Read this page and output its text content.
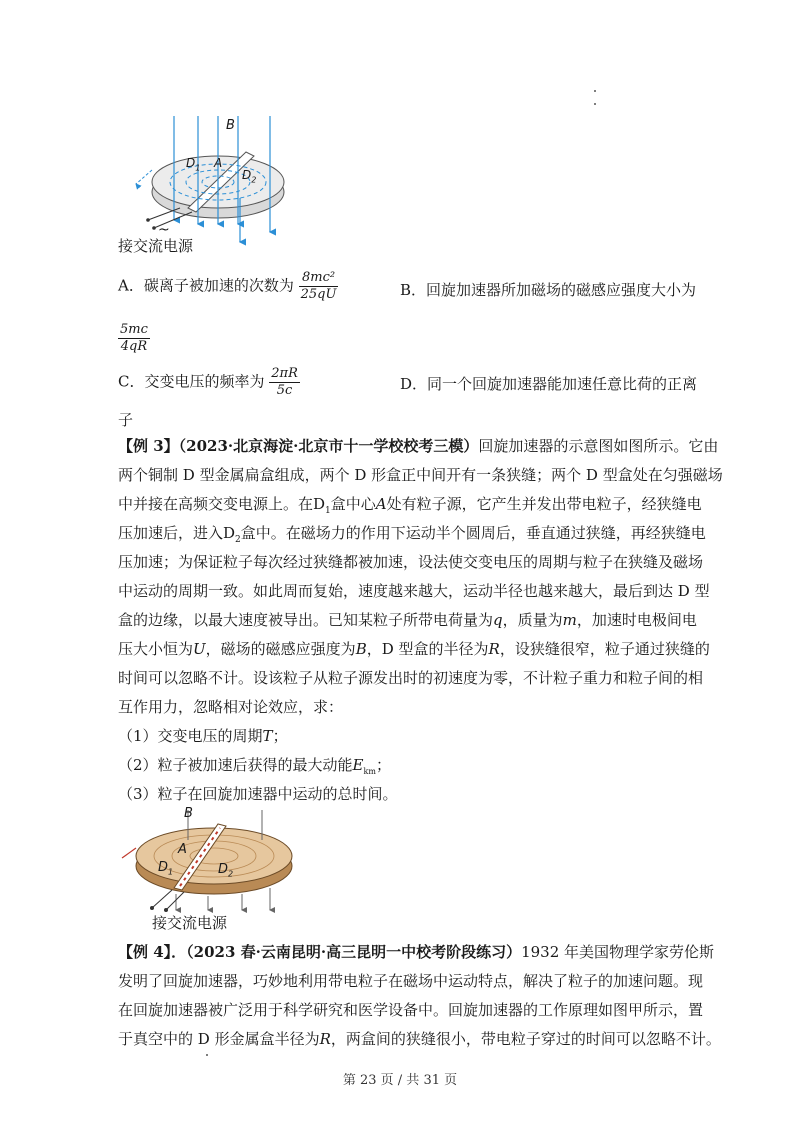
B
$D_1$ A
$D_2$
~
接交流电源
A．碳离子被加速的次数为 $\frac{\text{8mc²}}{25qU}$	B．回旋加速器所加磁场的磁感应强度大小为
$\frac{5mc}{4qR}$
C．交变电压的频率为 $\frac{2\pi R}{5c}$	D．同一个回旋加速器能加速任意比荷的正离
子
【例 3】（2023·北京海淀·北京市十一学校校考三模）回旋加速器的示意图如图所示。它由
两个铜制 D 型金属扁盒组成，两个 D 形盒正中间开有一条狭缝；两个 D 型盒处在匀强磁场
中并接在高频交变电源上。在$D_1$盒中心A处有粒子源，它产生并发出带电粒子，经狭缝电
压加速后，进入$D_2$盒中。在磁场力的作用下运动半个圆周后，垂直通过狭缝，再经狭缝电
压加速；为保证粒子每次经过狭缝都被加速，设法使交变电压的周期与粒子在狭缝及磁场
中运动的周期一致。如此周而复始，速度越来越大，运动半径也越来越大，最后到达 D 型
盒的边缘，以最大速度被导出。已知某粒子所带电荷量为q，质量为m，加速时电极间电
压大小恒为U，磁场的磁感应强度为B，D 型盒的半径为R，设狭缝很窄，粒子通过狭缝的
时间可以忽略不计。设该粒子从粒子源发出时的初速度为零，不计粒子重力和粒子间的相
互作用力，忽略相对论效应，求：
（1）交变电压的周期T；
（2）粒子被加速后获得的最大动能$E_{km}$；
（3）粒子在回旋加速器中运动的总时间。
B
A
$D_1$	$D_2$
接交流电源
【例 4】．（2023 春·云南昆明·高三昆明一中校考阶段练习）1932 年美国物理学家劳伦斯
发明了回旋加速器，巧妙地利用带电粒子在磁场中运动特点，解决了粒子的加速问题。现
在回旋加速器被广泛用于科学研究和医学设备中。回旋加速器的工作原理如图甲所示，置
于真空中的 D 形金属盒半径为R，两盒间的狭缝很小，带电粒子穿过的时间可以忽略不计。
第 23 页 / 共 31 页
